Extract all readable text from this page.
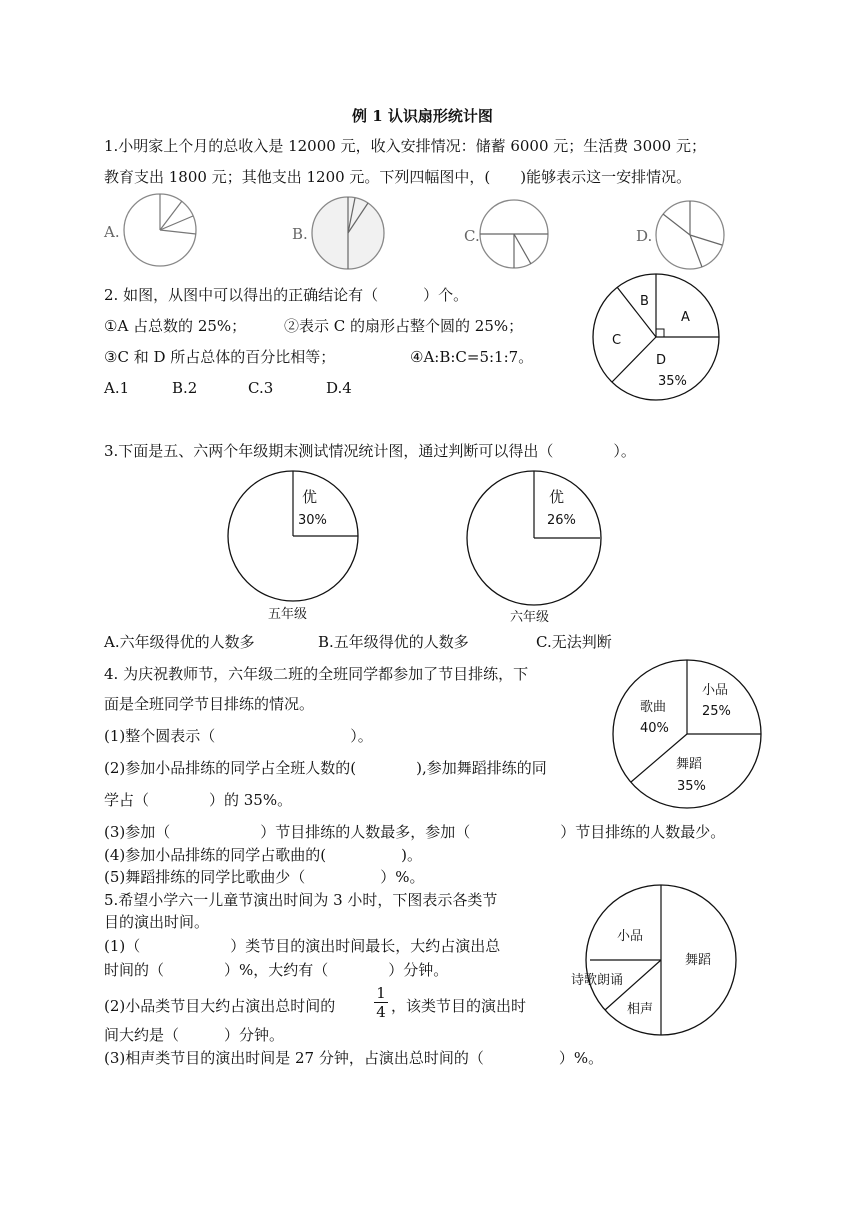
例 1 认识扇形统计图
1.小明家上个月的总收入是 12000 元，收入安排情况：储蓄 6000 元；生活费 3000 元；
教育支出 1800 元；其他支出 1200 元。下列四幅图中，(　　)能够表示这一安排情况。
A.	B.	C.	D.
2. 如图，从图中可以得出的正确结论有（　　　）个。
①A 占总数的 25%；	②表示 C 的扇形占整个圆的 25%；
③C 和 D 所占总体的百分比相等；	④A:B:C=5:1:7。
A.1	B.2	C.3	D.4
B
A
C
D
35%
3.下面是五、六两个年级期末测试情况统计图，通过判断可以得出（　　　　）。
优
30%
五年级
优
26%
六年级
A.六年级得优的人数多	B.五年级得优的人数多	C.无法判断
4. 为庆祝教师节，六年级二班的全班同学都参加了节目排练，下
面是全班同学节目排练的情况。
(1)整个圆表示（　　　　　　　　　）。
(2)参加小品排练的同学占全班人数的(　　　　),参加舞蹈排练的同
学占（　　　　）的 35%。
(3)参加（　　　　　　）节目排练的人数最多，参加（　　　　　　）节目排练的人数最少。
(4)参加小品排练的同学占歌曲的(　　　　　)。
(5)舞蹈排练的同学比歌曲少（　　　　　）%。
歌曲
40%
小品
25%
舞蹈
35%
5.希望小学六一儿童节演出时间为 3 小时，下图表示各类节
目的演出时间。
(1)（　　　　　　）类节目的演出时间最长，大约占演出总
时间的（　　　　）%，大约有（　　　　）分钟。
(2)小品类节目大约占演出总时间的
1
4 ，该类节目的演出时
间大约是（　　　）分钟。
(3)相声类节目的演出时间是 27 分钟，占演出总时间的（　　　　　）%。
小品
舞蹈
诗歌朗诵
相声
